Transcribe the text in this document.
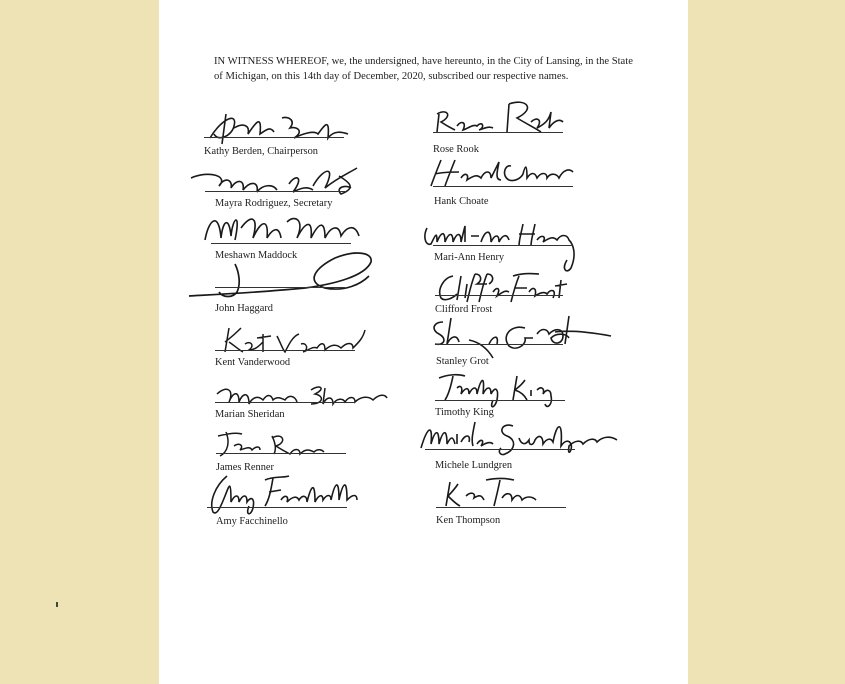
IN WITNESS WHEREOF, we, the undersigned, have hereunto, in the City of Lansing, in the State of Michigan, on this 14th day of December, 2020, subscribed our respective names.

Kathy Berden, Chairperson
Mayra Rodriguez, Secretary
Meshawn Maddock
John Haggard
Kent Vanderwood
Marian Sheridan
James Renner
Amy Facchinello
Rose Rook
Hank Choate
Mari-Ann Henry
Clifford Frost
Stanley Grot
Timothy King
Michele Lundgren
Ken Thompson
